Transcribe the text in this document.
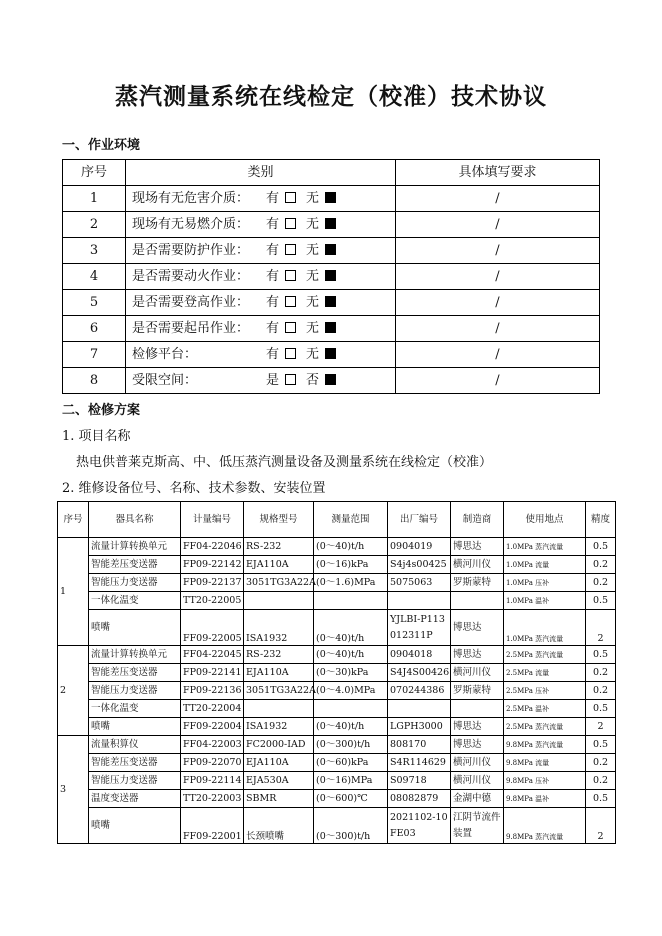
蒸汽测量系统在线检定（校准）技术协议
一、作业环境
序号	类别	具体填写要求
1	现场有无危害介质： 有 无	/
2	现场有无易燃介质： 有 无	/
3	是否需要防护作业： 有 无	/
4	是否需要动火作业： 有 无	/
5	是否需要登高作业： 有 无	/
6	是否需要起吊作业： 有 无	/
7	检修平台： 有 无	/
8	受限空间： 是 否	/
二、检修方案
1. 项目名称
热电供普莱克斯高、中、低压蒸汽测量设备及测量系统在线检定（校准）
2. 维修设备位号、名称、技术参数、安装位置
序号	器具名称	计量编号	规格型号	测量范围	出厂编号	制造商	使用地点	精度
1	流量计算转换单元	FF04-22046	RS-232	(0～40)t/h	0904019	博思达	1.0MPa 蒸汽流量	0.5
	智能差压变送器	FP09-22142	EJA110A	(0～16)kPa	S4j4s00425	横河川仪	1.0MPa 流量	0.2
	智能压力变送器	FP09-22137	3051TG3A22A	(0～1.6)MPa	5075063	罗斯蒙特	1.0MPa 压补	0.2
	一体化温变	TT20-22005					1.0MPa 温补	0.5
	喷嘴	FF09-22005	ISA1932	(0～40)t/h	YJLBI-P113 012311P	博思达	1.0MPa 蒸汽流量	2
2	流量计算转换单元	FF04-22045	RS-232	(0～40)t/h	0904018	博思达	2.5MPa 蒸汽流量	0.5
	智能差压变送器	FP09-22141	EJA110A	(0～30)kPa	S4J4S00426	横河川仪	2.5MPa 流量	0.2
	智能压力变送器	FP09-22136	3051TG3A22A	(0～4.0)MPa	070244386	罗斯蒙特	2.5MPa 压补	0.2
	一体化温变	TT20-22004					2.5MPa 温补	0.5
	喷嘴	FF09-22004	ISA1932	(0～40)t/h	LGPH3000	博思达	2.5MPa 蒸汽流量	2
3	流量积算仪	FF04-22003	FC2000-IAD	(0～300)t/h	808170	博思达	9.8MPa 蒸汽流量	0.5
	智能差压变送器	FP09-22070	EJA110A	(0～60)kPa	S4R114629	横河川仪	9.8MPa 流量	0.2
	智能压力变送器	FP09-22114	EJA530A	(0～16)MPa	S09718	横河川仪	9.8MPa 压补	0.2
	温度变送器	TT20-22003	SBMR	(0～600)℃	08082879	金湖中德	9.8MPa 温补	0.5
	喷嘴	FF09-22001	长颈喷嘴	(0～300)t/h	2021102-10 FE03	江阴节流件装置	9.8MPa 蒸汽流量	2
